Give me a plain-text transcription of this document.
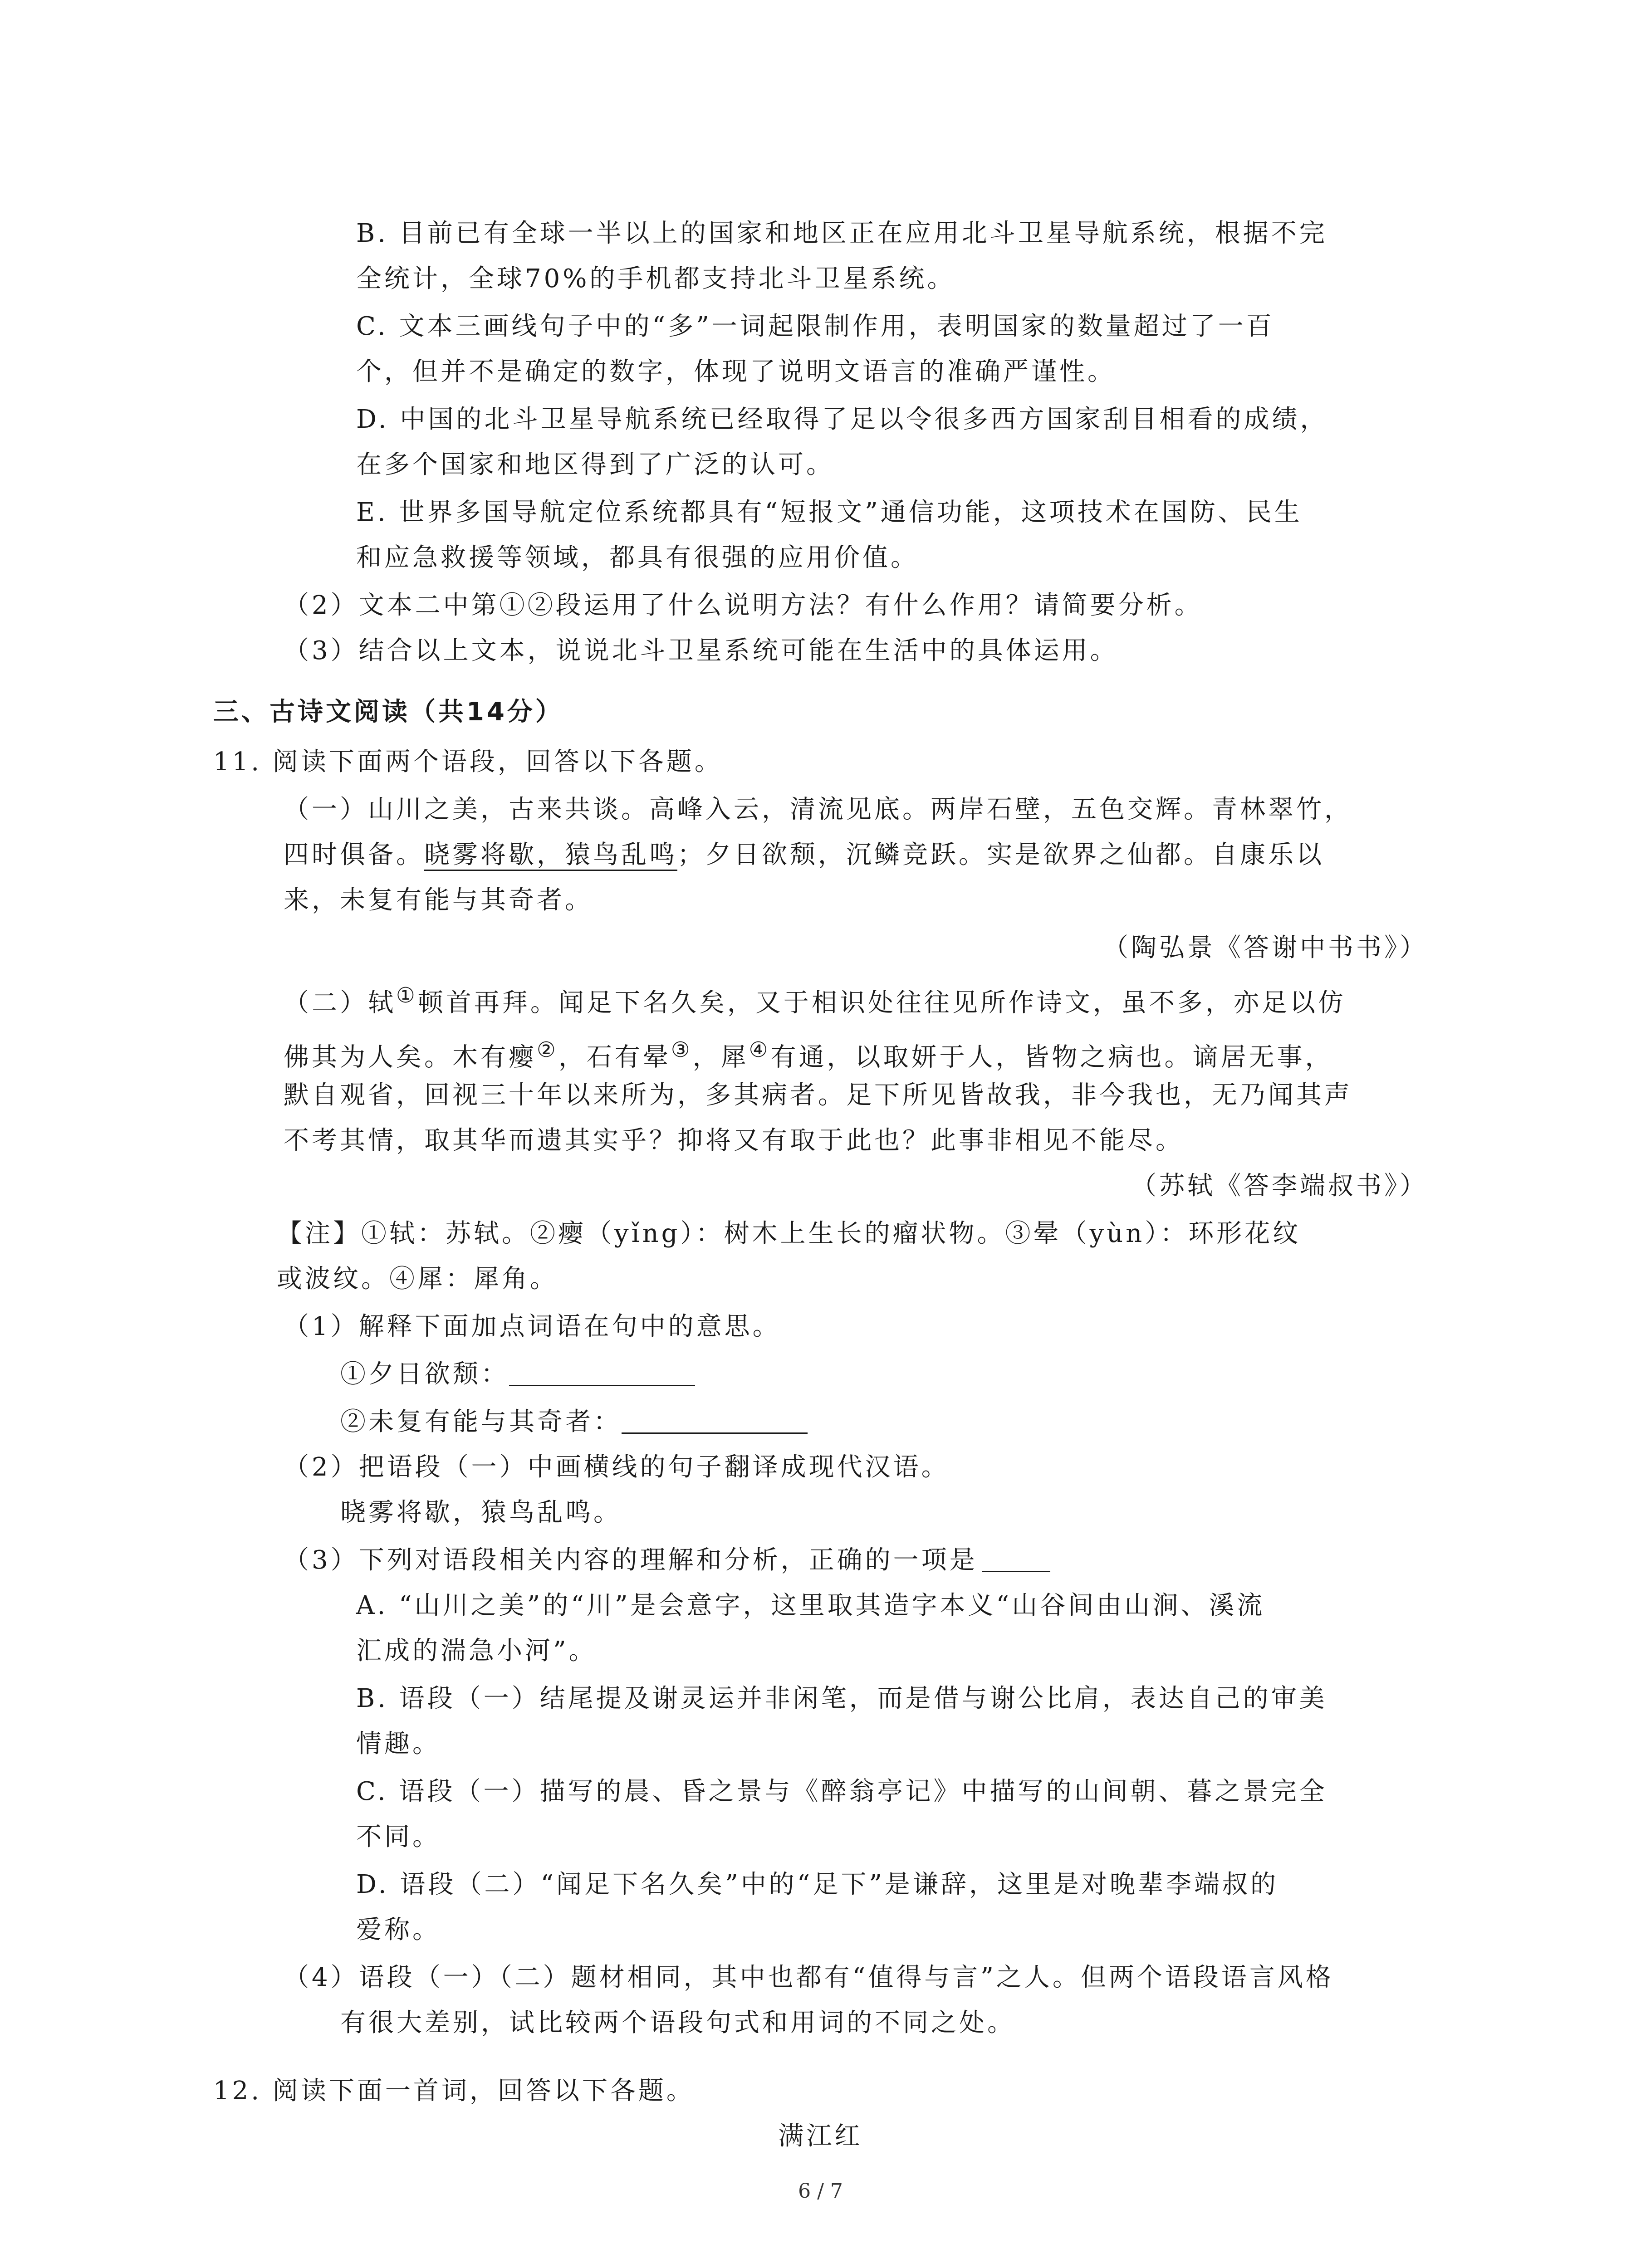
B. 目前已有全球一半以上的国家和地区正在应用北斗卫星导航系统，根据不完
全统计，全球70%的手机都支持北斗卫星系统。
C. 文本三画线句子中的“多”一词起限制作用，表明国家的数量超过了一百
个，但并不是确定的数字，体现了说明文语言的准确严谨性。
D. 中国的北斗卫星导航系统已经取得了足以令很多西方国家刮目相看的成绩，
在多个国家和地区得到了广泛的认可。
E. 世界多国导航定位系统都具有“短报文”通信功能，这项技术在国防、民生
和应急救援等领域，都具有很强的应用价值。
（2）文本二中第①②段运用了什么说明方法？有什么作用？请简要分析。
（3）结合以上文本，说说北斗卫星系统可能在生活中的具体运用。
三、古诗文阅读（共14分）
11. 阅读下面两个语段，回答以下各题。
（一）山川之美，古来共谈。高峰入云，清流见底。两岸石壁，五色交辉。青林翠竹，
四时俱备。晓雾将歇，猿鸟乱鸣；夕日欲颓，沉鳞竞跃。实是欲界之仙都。自康乐以
来，未复有能与其奇者。
（陶弘景《答谢中书书》）
（二）轼①顿首再拜。闻足下名久矣，又于相识处往往见所作诗文，虽不多，亦足以仿
佛其为人矣。木有瘿②，石有晕③，犀④有通，以取妍于人，皆物之病也。谪居无事，
默自观省，回视三十年以来所为，多其病者。足下所见皆故我，非今我也，无乃闻其声
不考其情，取其华而遗其实乎？抑将又有取于此也？此事非相见不能尽。
（苏轼《答李端叔书》）
【注】①轼：苏轼。②瘿（yǐng）：树木上生长的瘤状物。③晕（yùn）：环形花纹
或波纹。④犀：犀角。
（1）解释下面加点词语在句中的意思。
①夕日欲颓：
②未复有能与其奇者：
（2）把语段（一）中画横线的句子翻译成现代汉语。
晓雾将歇，猿鸟乱鸣。
（3）下列对语段相关内容的理解和分析，正确的一项是
A. “山川之美”的“川”是会意字，这里取其造字本义“山谷间由山涧、溪流
汇成的湍急小河”。
B. 语段（一）结尾提及谢灵运并非闲笔，而是借与谢公比肩，表达自己的审美
情趣。
C. 语段（一）描写的晨、昏之景与《醉翁亭记》中描写的山间朝、暮之景完全
不同。
D. 语段（二）“闻足下名久矣”中的“足下”是谦辞，这里是对晚辈李端叔的
爱称。
（4）语段（一）（二）题材相同，其中也都有“值得与言”之人。但两个语段语言风格
有很大差别，试比较两个语段句式和用词的不同之处。
12. 阅读下面一首词，回答以下各题。
满江红
6 / 7
